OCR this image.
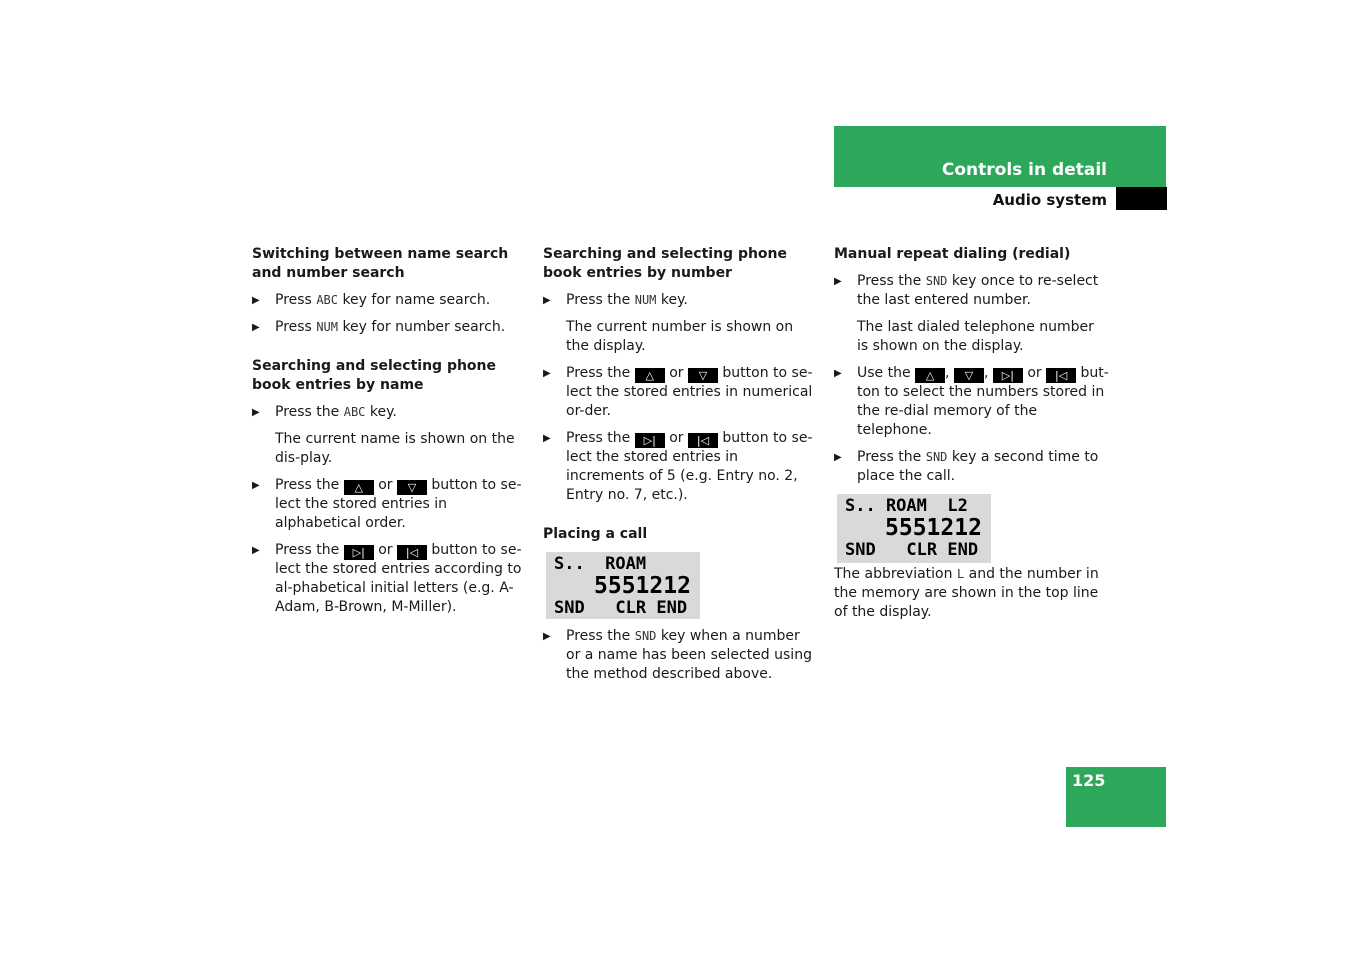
Controls in detail
Audio system
Switching between name search and number search
▶ Press ABC key for name search.
▶ Press NUM key for number search.
Searching and selecting phone book entries by name
▶ Press the ABC key.
The current name is shown on the dis-play.
▶ Press the △ or ▽ button to se-lect the stored entries in alphabetical order.
▶ Press the ▷| or |◁ button to se-lect the stored entries according to al-phabetical initial letters (e.g. A-Adam, B-Brown, M-Miller).
Searching and selecting phone book entries by number
▶ Press the NUM key.
The current number is shown on the display.
▶ Press the △ or ▽ button to se-lect the stored entries in numerical or-der.
▶ Press the ▷| or |◁ button to se-lect the stored entries in increments of 5 (e.g. Entry no. 2, Entry no. 7, etc.).
Placing a call
S..  ROAM
5551212
SND   CLR END
▶ Press the SND key when a number or a name has been selected using the method described above.
Manual repeat dialing (redial)
▶ Press the SND key once to re-select the last entered number.
The last dialed telephone number is shown on the display.
▶ Use the △ , ▽ , ▷| or |◁ but-ton to select the numbers stored in the re-dial memory of the telephone.
▶ Press the SND key a second time to place the call.
S.. ROAM  L2
5551212
SND   CLR END
The abbreviation L and the number in the memory are shown in the top line of the display.
125
